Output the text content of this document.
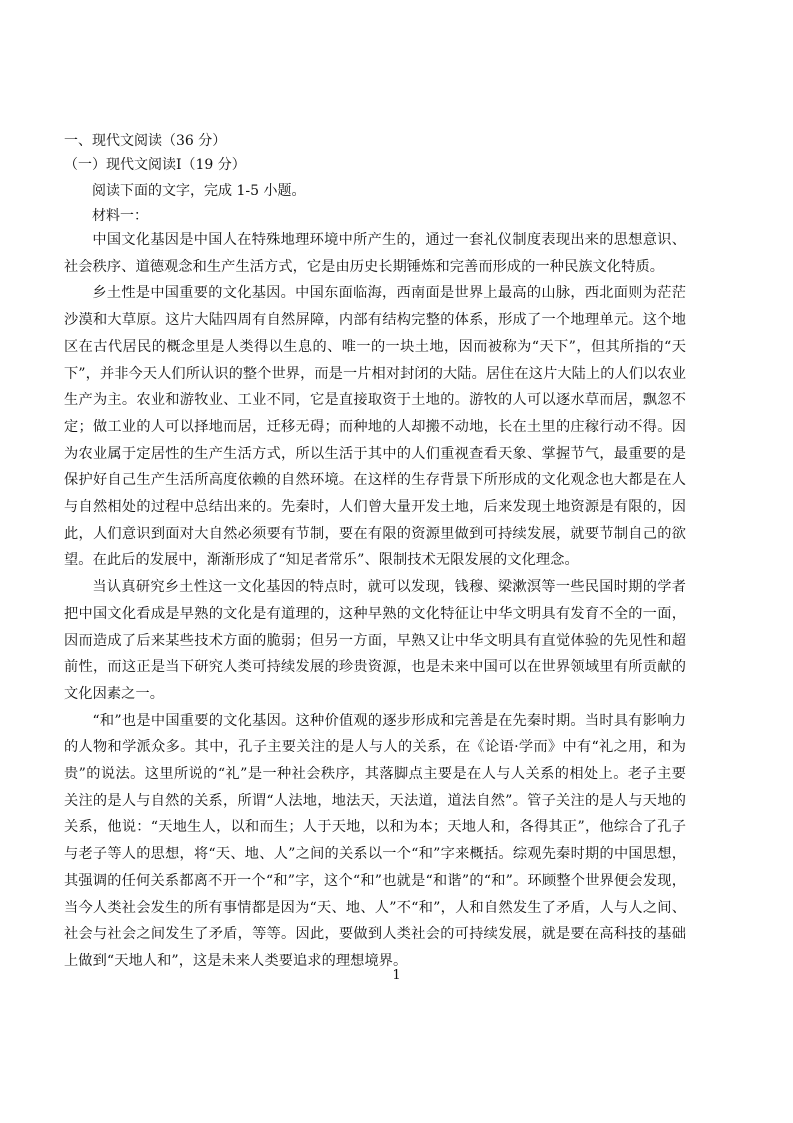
一、现代文阅读（36 分）
（一）现代文阅读Ⅰ（19 分）
阅读下面的文字，完成 1-5 小题。
材料一：

中国文化基因是中国人在特殊地理环境中所产生的，通过一套礼仪制度表现出来的思想意识、社会秩序、道德观念和生产生活方式，它是由历史长期锤炼和完善而形成的一种民族文化特质。

乡土性是中国重要的文化基因。中国东面临海，西南面是世界上最高的山脉，西北面则为茫茫沙漠和大草原。这片大陆四周有自然屏障，内部有结构完整的体系，形成了一个地理单元。这个地区在古代居民的概念里是人类得以生息的、唯一的一块土地，因而被称为“天下”，但其所指的“天下”，并非今天人们所认识的整个世界，而是一片相对封闭的大陆。居住在这片大陆上的人们以农业生产为主。农业和游牧业、工业不同，它是直接取资于土地的。游牧的人可以逐水草而居，飘忽不定；做工业的人可以择地而居，迁移无碍；而种地的人却搬不动地，长在土里的庄稼行动不得。因为农业属于定居性的生产生活方式，所以生活于其中的人们重视查看天象、掌握节气，最重要的是保护好自己生产生活所高度依赖的自然环境。在这样的生存背景下所形成的文化观念也大都是在人与自然相处的过程中总结出来的。先秦时，人们曾大量开发土地，后来发现土地资源是有限的，因此，人们意识到面对大自然必须要有节制，要在有限的资源里做到可持续发展，就要节制自己的欲望。在此后的发展中，渐渐形成了“知足者常乐”、限制技术无限发展的文化理念。

当认真研究乡土性这一文化基因的特点时，就可以发现，钱穆、梁漱溟等一些民国时期的学者把中国文化看成是早熟的文化是有道理的，这种早熟的文化特征让中华文明具有发育不全的一面，因而造成了后来某些技术方面的脆弱；但另一方面，早熟又让中华文明具有直觉体验的先见性和超前性，而这正是当下研究人类可持续发展的珍贵资源，也是未来中国可以在世界领域里有所贡献的文化因素之一。

“和”也是中国重要的文化基因。这种价值观的逐步形成和完善是在先秦时期。当时具有影响力的人物和学派众多。其中，孔子主要关注的是人与人的关系，在《论语·学而》中有“礼之用，和为贵”的说法。这里所说的“礼”是一种社会秩序，其落脚点主要是在人与人关系的相处上。老子主要关注的是人与自然的关系，所谓“人法地，地法天，天法道，道法自然”。管子关注的是人与天地的关系，他说：“天地生人，以和而生；人于天地，以和为本；天地人和，各得其正”，他综合了孔子与老子等人的思想，将“天、地、人”之间的关系以一个“和”字来概括。综观先秦时期的中国思想，其强调的任何关系都离不开一个“和”字，这个“和”也就是“和谐”的“和”。环顾整个世界便会发现，当今人类社会发生的所有事情都是因为“天、地、人”不“和”，人和自然发生了矛盾，人与人之间、社会与社会之间发生了矛盾，等等。因此，要做到人类社会的可持续发展，就是要在高科技的基础上做到“天地人和”，这是未来人类要追求的理想境界。

1
